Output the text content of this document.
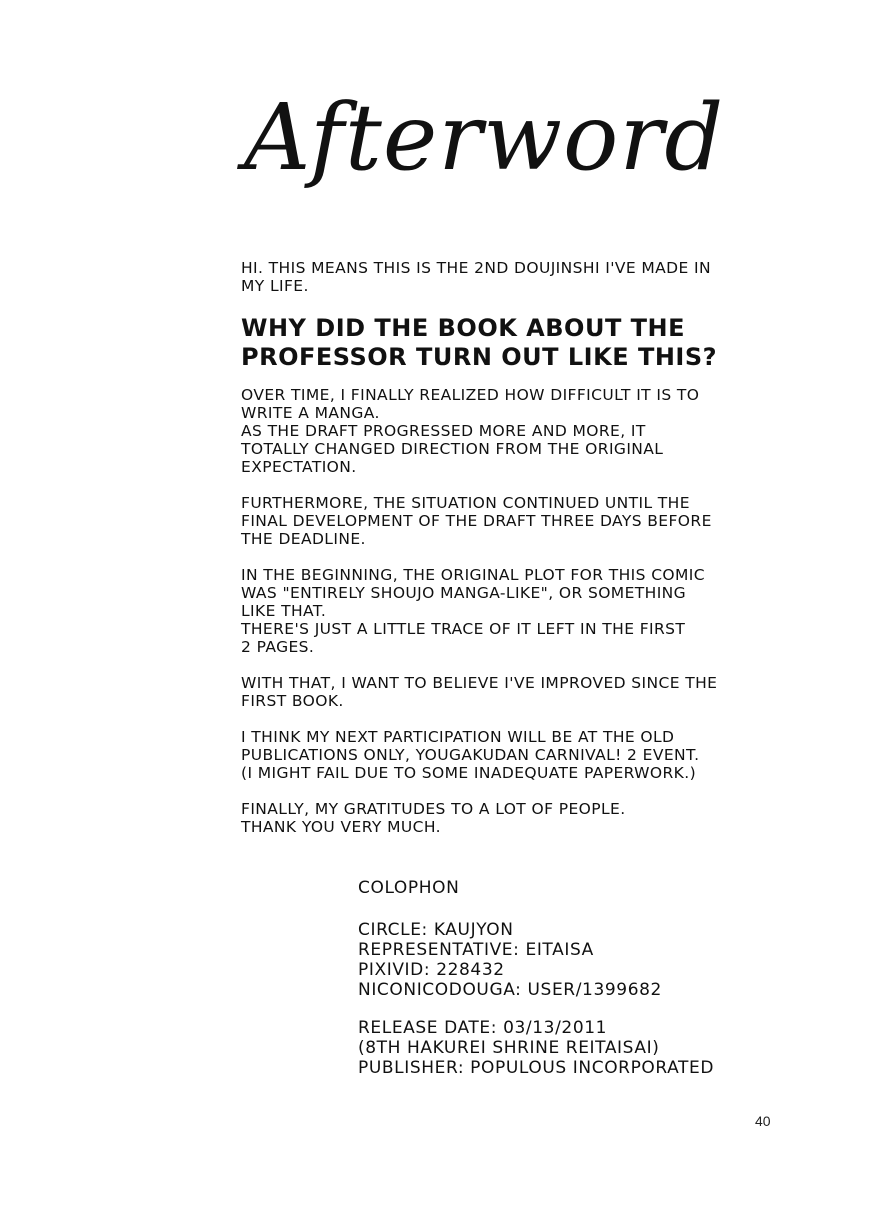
Afterword

HI. THIS MEANS THIS IS THE 2ND DOUJINSHI I'VE MADE IN
MY LIFE.

WHY DID THE BOOK ABOUT THE
PROFESSOR TURN OUT LIKE THIS?

OVER TIME, I FINALLY REALIZED HOW DIFFICULT IT IS TO
WRITE A MANGA.
AS THE DRAFT PROGRESSED MORE AND MORE, IT
TOTALLY CHANGED DIRECTION FROM THE ORIGINAL
EXPECTATION.

FURTHERMORE, THE SITUATION CONTINUED UNTIL THE
FINAL DEVELOPMENT OF THE DRAFT THREE DAYS BEFORE
THE DEADLINE.

IN THE BEGINNING, THE ORIGINAL PLOT FOR THIS COMIC
WAS "ENTIRELY SHOUJO MANGA-LIKE", OR SOMETHING
LIKE THAT.
THERE'S JUST A LITTLE TRACE OF IT LEFT IN THE FIRST
2 PAGES.

WITH THAT, I WANT TO BELIEVE I'VE IMPROVED SINCE THE
FIRST BOOK.

I THINK MY NEXT PARTICIPATION WILL BE AT THE OLD
PUBLICATIONS ONLY, YOUGAKUDAN CARNIVAL! 2 EVENT.
(I MIGHT FAIL DUE TO SOME INADEQUATE PAPERWORK.)

FINALLY, MY GRATITUDES TO A LOT OF PEOPLE.
THANK YOU VERY MUCH.

COLOPHON

CIRCLE: KAUJYON
REPRESENTATIVE: EITAISA
PIXIVID: 228432
NICONICODOUGA: USER/1399682

RELEASE DATE: 03/13/2011
(8TH HAKUREI SHRINE REITAISAI)
PUBLISHER: POPULOUS INCORPORATED

40
